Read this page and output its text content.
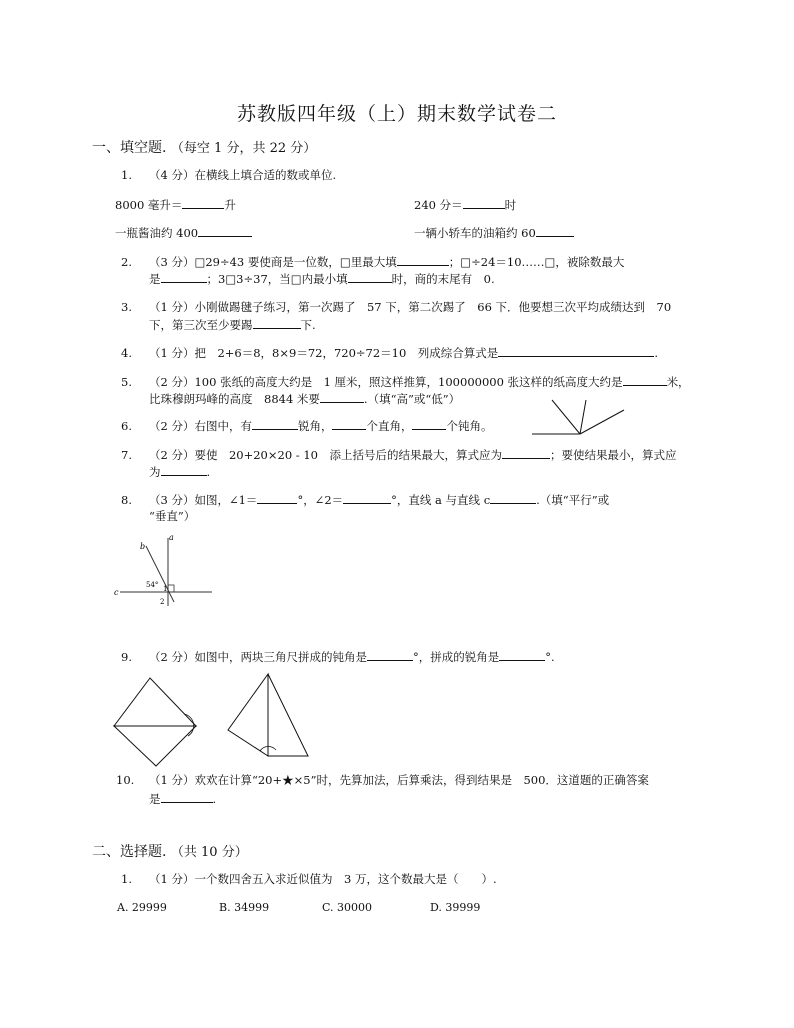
苏教版四年级（上）期末数学试卷二
一、填空题. （每空 1 分，共 22 分）
1. （4 分）在横线上填合适的数或单位.
8000 毫升＝	升	240 分＝	时
一瓶酱油约 400	一辆小轿车的油箱约 60
2. （3 分）□29÷43 要使商是一位数，□里最大填	；□÷24＝10……□，被除数最大
是	；3□3÷37，当□内最小填	时，商的末尾有　0.
3. （1 分）小刚做踢毽子练习，第一次踢了　57 下，第二次踢了　66 下．他要想三次平均成绩达到　70
下，第三次至少要踢	下.
4. （1 分）把　2+6＝8，8×9＝72，720÷72＝10　列成综合算式是	.
5. （2 分）100 张纸的高度大约是　1 厘米，照这样推算，100000000 张这样的纸高度大约是	米，
比珠穆朗玛峰的高度　8844 米要	.（填“高”或“低”）
6. （2 分）右图中，有	锐角，	个直角，	个钝角。
7. （2 分）要使　20+20×20 - 10　添上括号后的结果最大，算式应为	；要使结果最小，算式应
为	.
8. （3 分）如图，∠1＝	°，∠2＝	°，直线 a 与直线 c	.（填“平行”或
“垂直”）
a
b
c
54° 1
2
9. （2 分）如图中，两块三角尺拼成的钝角是	°，拼成的锐角是	°.
10. （1 分）欢欢在计算“20+★×5”时，先算加法，后算乘法，得到结果是　500．这道题的正确答案
是	.
二、选择题. （共 10 分）
1. （1 分）一个数四舍五入求近似值为　3 万，这个数最大是（　　）.
A. 29999	B. 34999	C. 30000	D. 39999
